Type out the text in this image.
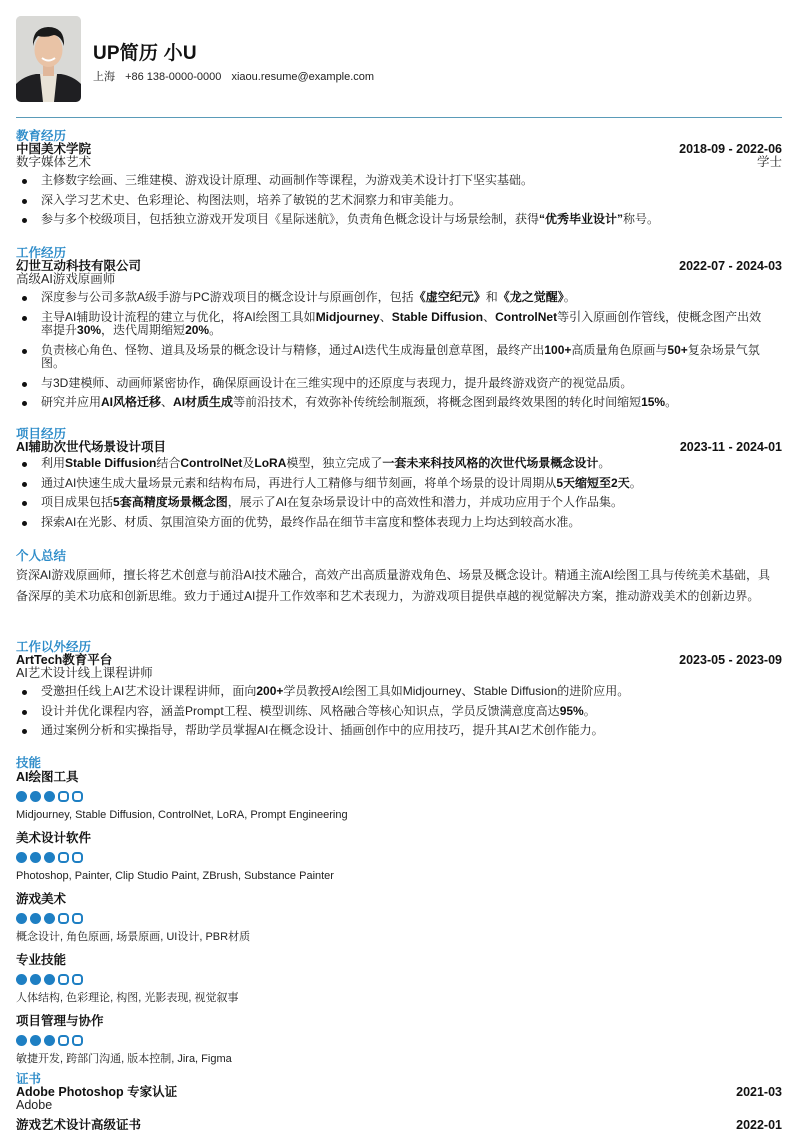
UP简历 小U
上海 +86 138-0000-0000 xiaou.resume@example.com
教育经历
中国美术学院	2018-09 - 2022-06
数字媒体艺术	学士
主修数字绘画、三维建模、游戏设计原理、动画制作等课程，为游戏美术设计打下坚实基础。
深入学习艺术史、色彩理论、构图法则，培养了敏锐的艺术洞察力和审美能力。
参与多个校级项目，包括独立游戏开发项目《星际迷航》，负责角色概念设计与场景绘制，获得“优秀毕业设计”称号。
工作经历
幻世互动科技有限公司	2022-07 - 2024-03
高级AI游戏原画师
深度参与公司多款A级手游与PC游戏项目的概念设计与原画创作，包括《虚空纪元》和《龙之觉醒》。
主导AI辅助设计流程的建立与优化，将AI绘图工具如Midjourney、Stable Diffusion、ControlNet等引入原画创作管线，使概念图产出效率提升30%，迭代周期缩短20%。
负责核心角色、怪物、道具及场景的概念设计与精修，通过AI迭代生成海量创意草图，最终产出100+高质量角色原画与50+复杂场景气氛图。
与3D建模师、动画师紧密协作，确保原画设计在三维实现中的还原度与表现力，提升最终游戏资产的视觉品质。
研究并应用AI风格迁移、AI材质生成等前沿技术，有效弥补传统绘制瓶颈，将概念图到最终效果图的转化时间缩短15%。
项目经历
AI辅助次世代场景设计项目	2023-11 - 2024-01
利用Stable Diffusion结合ControlNet及LoRA模型，独立完成了一套未来科技风格的次世代场景概念设计。
通过AI快速生成大量场景元素和结构布局，再进行人工精修与细节刻画，将单个场景的设计周期从5天缩短至2天。
项目成果包括5套高精度场景概念图，展示了AI在复杂场景设计中的高效性和潜力，并成功应用于个人作品集。
探索AI在光影、材质、氛围渲染方面的优势，最终作品在细节丰富度和整体表现力上均达到较高水准。
个人总结
资深AI游戏原画师，擅长将艺术创意与前沿AI技术融合，高效产出高质量游戏角色、场景及概念设计。精通主流AI绘图工具与传统美术基础，具备深厚的美术功底和创新思维。致力于通过AI提升工作效率和艺术表现力，为游戏项目提供卓越的视觉解决方案，推动游戏美术的创新边界。
工作以外经历
ArtTech教育平台	2023-05 - 2023-09
AI艺术设计线上课程讲师
受邀担任线上AI艺术设计课程讲师，面向200+学员教授AI绘图工具如Midjourney、Stable Diffusion的进阶应用。
设计并优化课程内容，涵盖Prompt工程、模型训练、风格融合等核心知识点，学员反馈满意度高达95%。
通过案例分析和实操指导，帮助学员掌握AI在概念设计、插画创作中的应用技巧，提升其AI艺术创作能力。
技能
AI绘图工具
Midjourney, Stable Diffusion, ControlNet, LoRA, Prompt Engineering
美术设计软件
Photoshop, Painter, Clip Studio Paint, ZBrush, Substance Painter
游戏美术
概念设计, 角色原画, 场景原画, UI设计, PBR材质
专业技能
人体结构, 色彩理论, 构图, 光影表现, 视觉叙事
项目管理与协作
敏捷开发, 跨部门沟通, 版本控制, Jira, Figma
证书
Adobe Photoshop 专家认证	2021-03
Adobe
游戏艺术设计高级证书	2022-01
